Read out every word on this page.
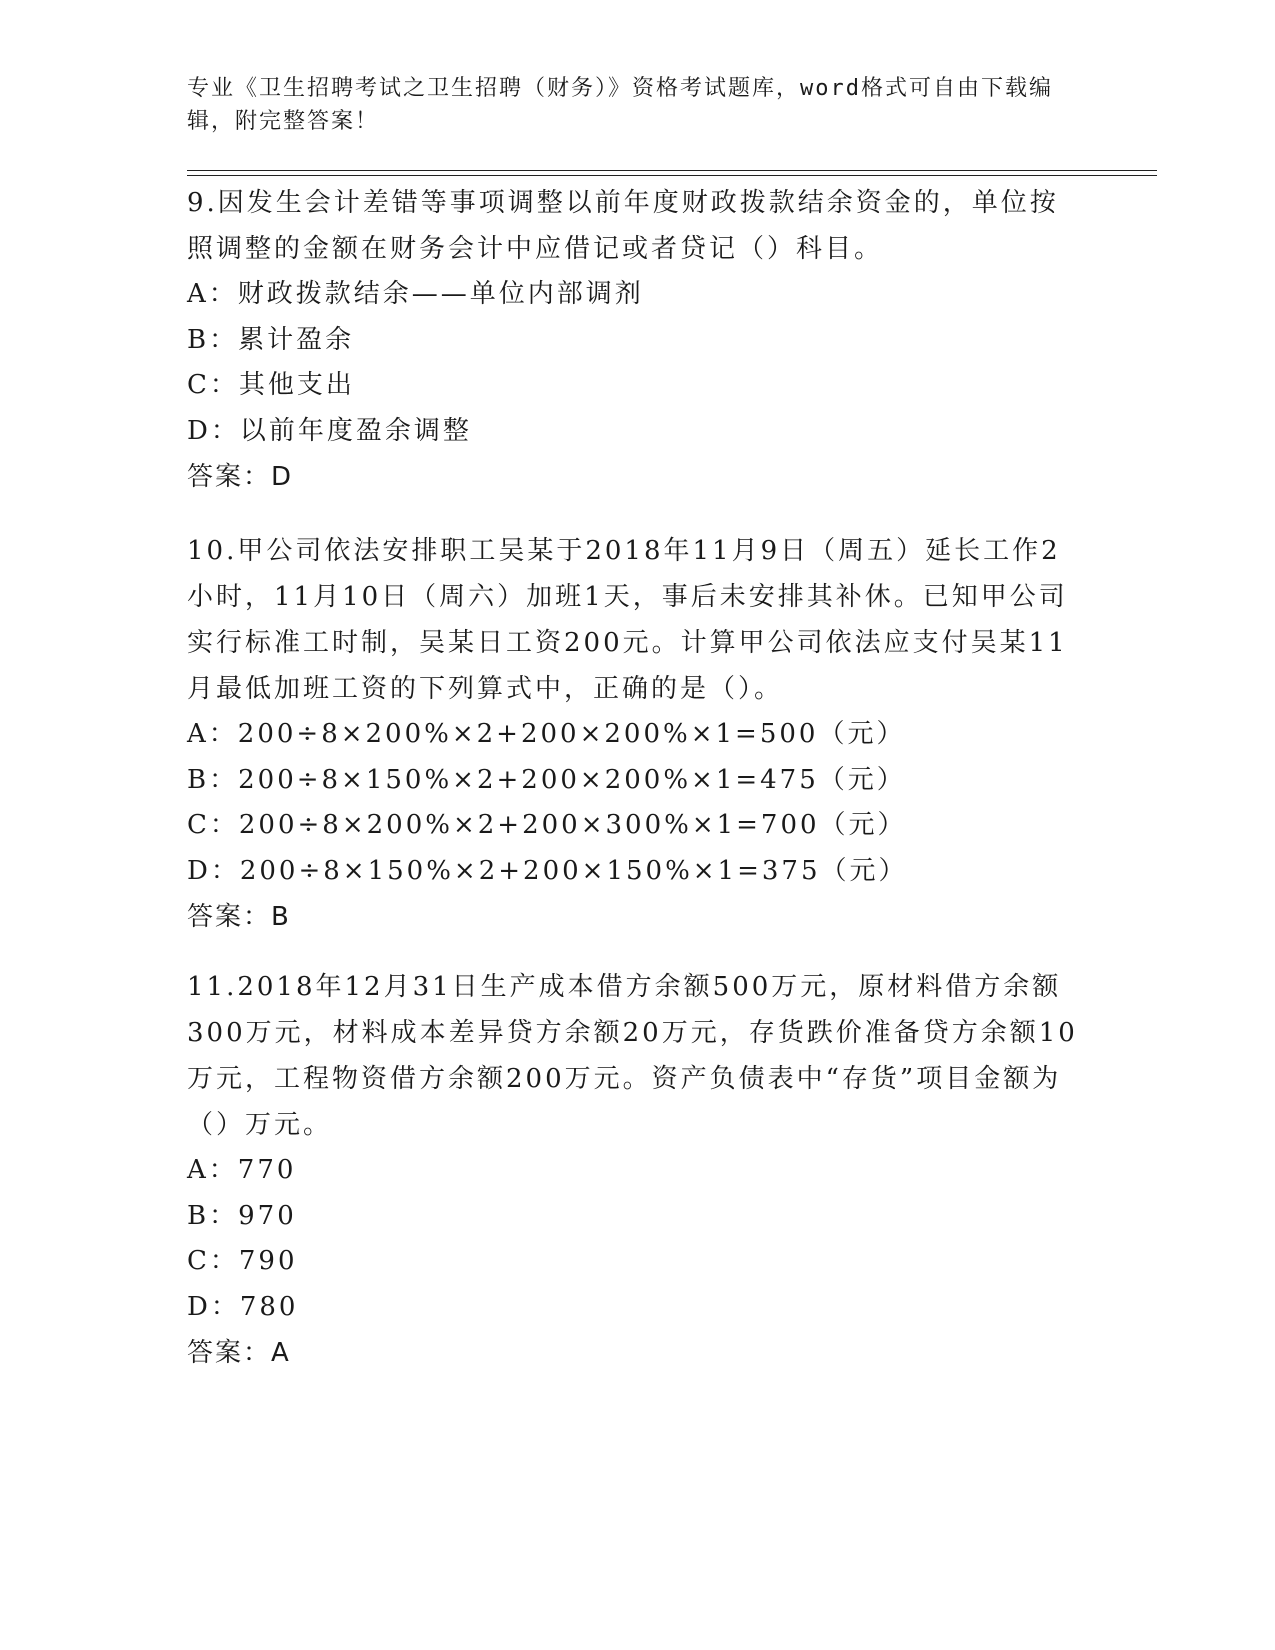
专业《卫生招聘考试之卫生招聘（财务）》资格考试题库，word格式可自由下载编辑，附完整答案！

9.因发生会计差错等事项调整以前年度财政拨款结余资金的，单位按照调整的金额在财务会计中应借记或者贷记（）科目。

A：财政拨款结余——单位内部调剂

B：累计盈余

C：其他支出

D：以前年度盈余调整

答案：D

10.甲公司依法安排职工吴某于2018年11月9日（周五）延长工作2小时，11月10日（周六）加班1天，事后未安排其补休。已知甲公司实行标准工时制，吴某日工资200元。计算甲公司依法应支付吴某11月最低加班工资的下列算式中，正确的是（）。

A：200÷8×200%×2+200×200%×1=500（元）

B：200÷8×150%×2+200×200%×1=475（元）

C：200÷8×200%×2+200×300%×1=700（元）

D：200÷8×150%×2+200×150%×1=375（元）

答案：B

11.2018年12月31日生产成本借方余额500万元，原材料借方余额300万元，材料成本差异贷方余额20万元，存货跌价准备贷方余额10万元，工程物资借方余额200万元。资产负债表中“存货”项目金额为（）万元。

A：770

B：970

C：790

D：780

答案：A
